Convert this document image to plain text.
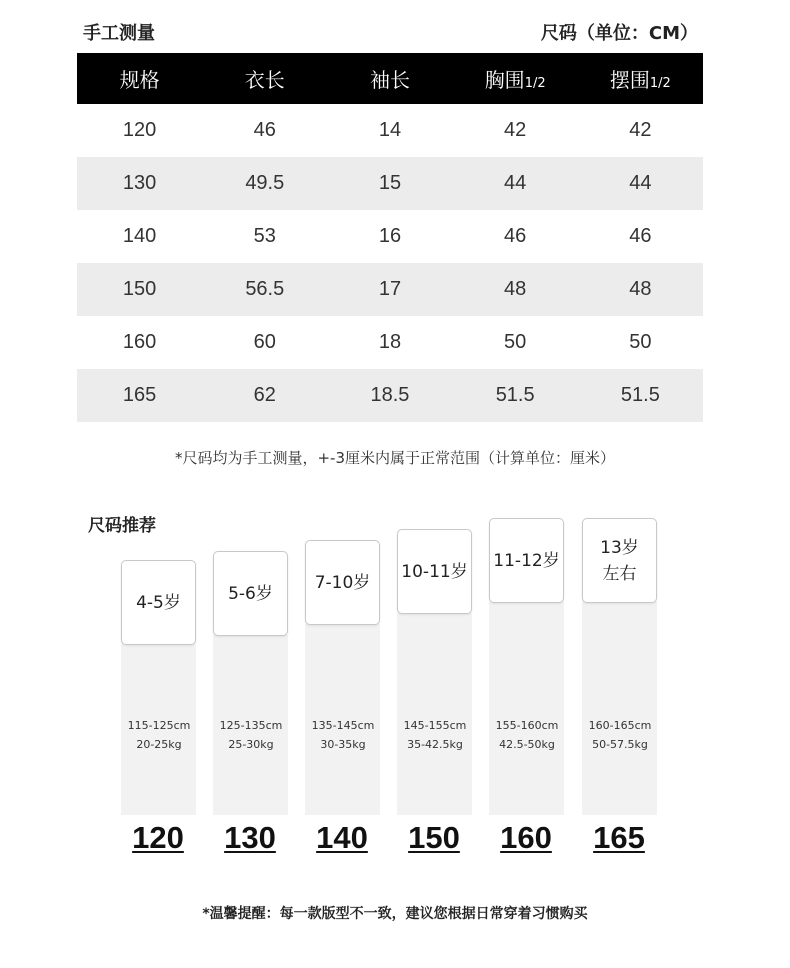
手工测量	尺码（单位：CM）
规格	衣长	袖长	胸围1/2	摆围1/2
120	46	14	42	42
130	49.5	15	44	44
140	53	16	46	46
150	56.5	17	48	48
160	60	18	50	50
165	62	18.5	51.5	51.5
*尺码均为手工测量，+-3厘米内属于正常范围（计算单位：厘米）
尺码推荐
4-5岁
115-125cm
20-25kg
120
5-6岁
125-135cm
25-30kg
130
7-10岁
135-145cm
30-35kg
140
10-11岁
145-155cm
35-42.5kg
150
11-12岁
155-160cm
42.5-50kg
160
13岁
左右
160-165cm
50-57.5kg
165
*温馨提醒：每一款版型不一致，建议您根据日常穿着习惯购买
